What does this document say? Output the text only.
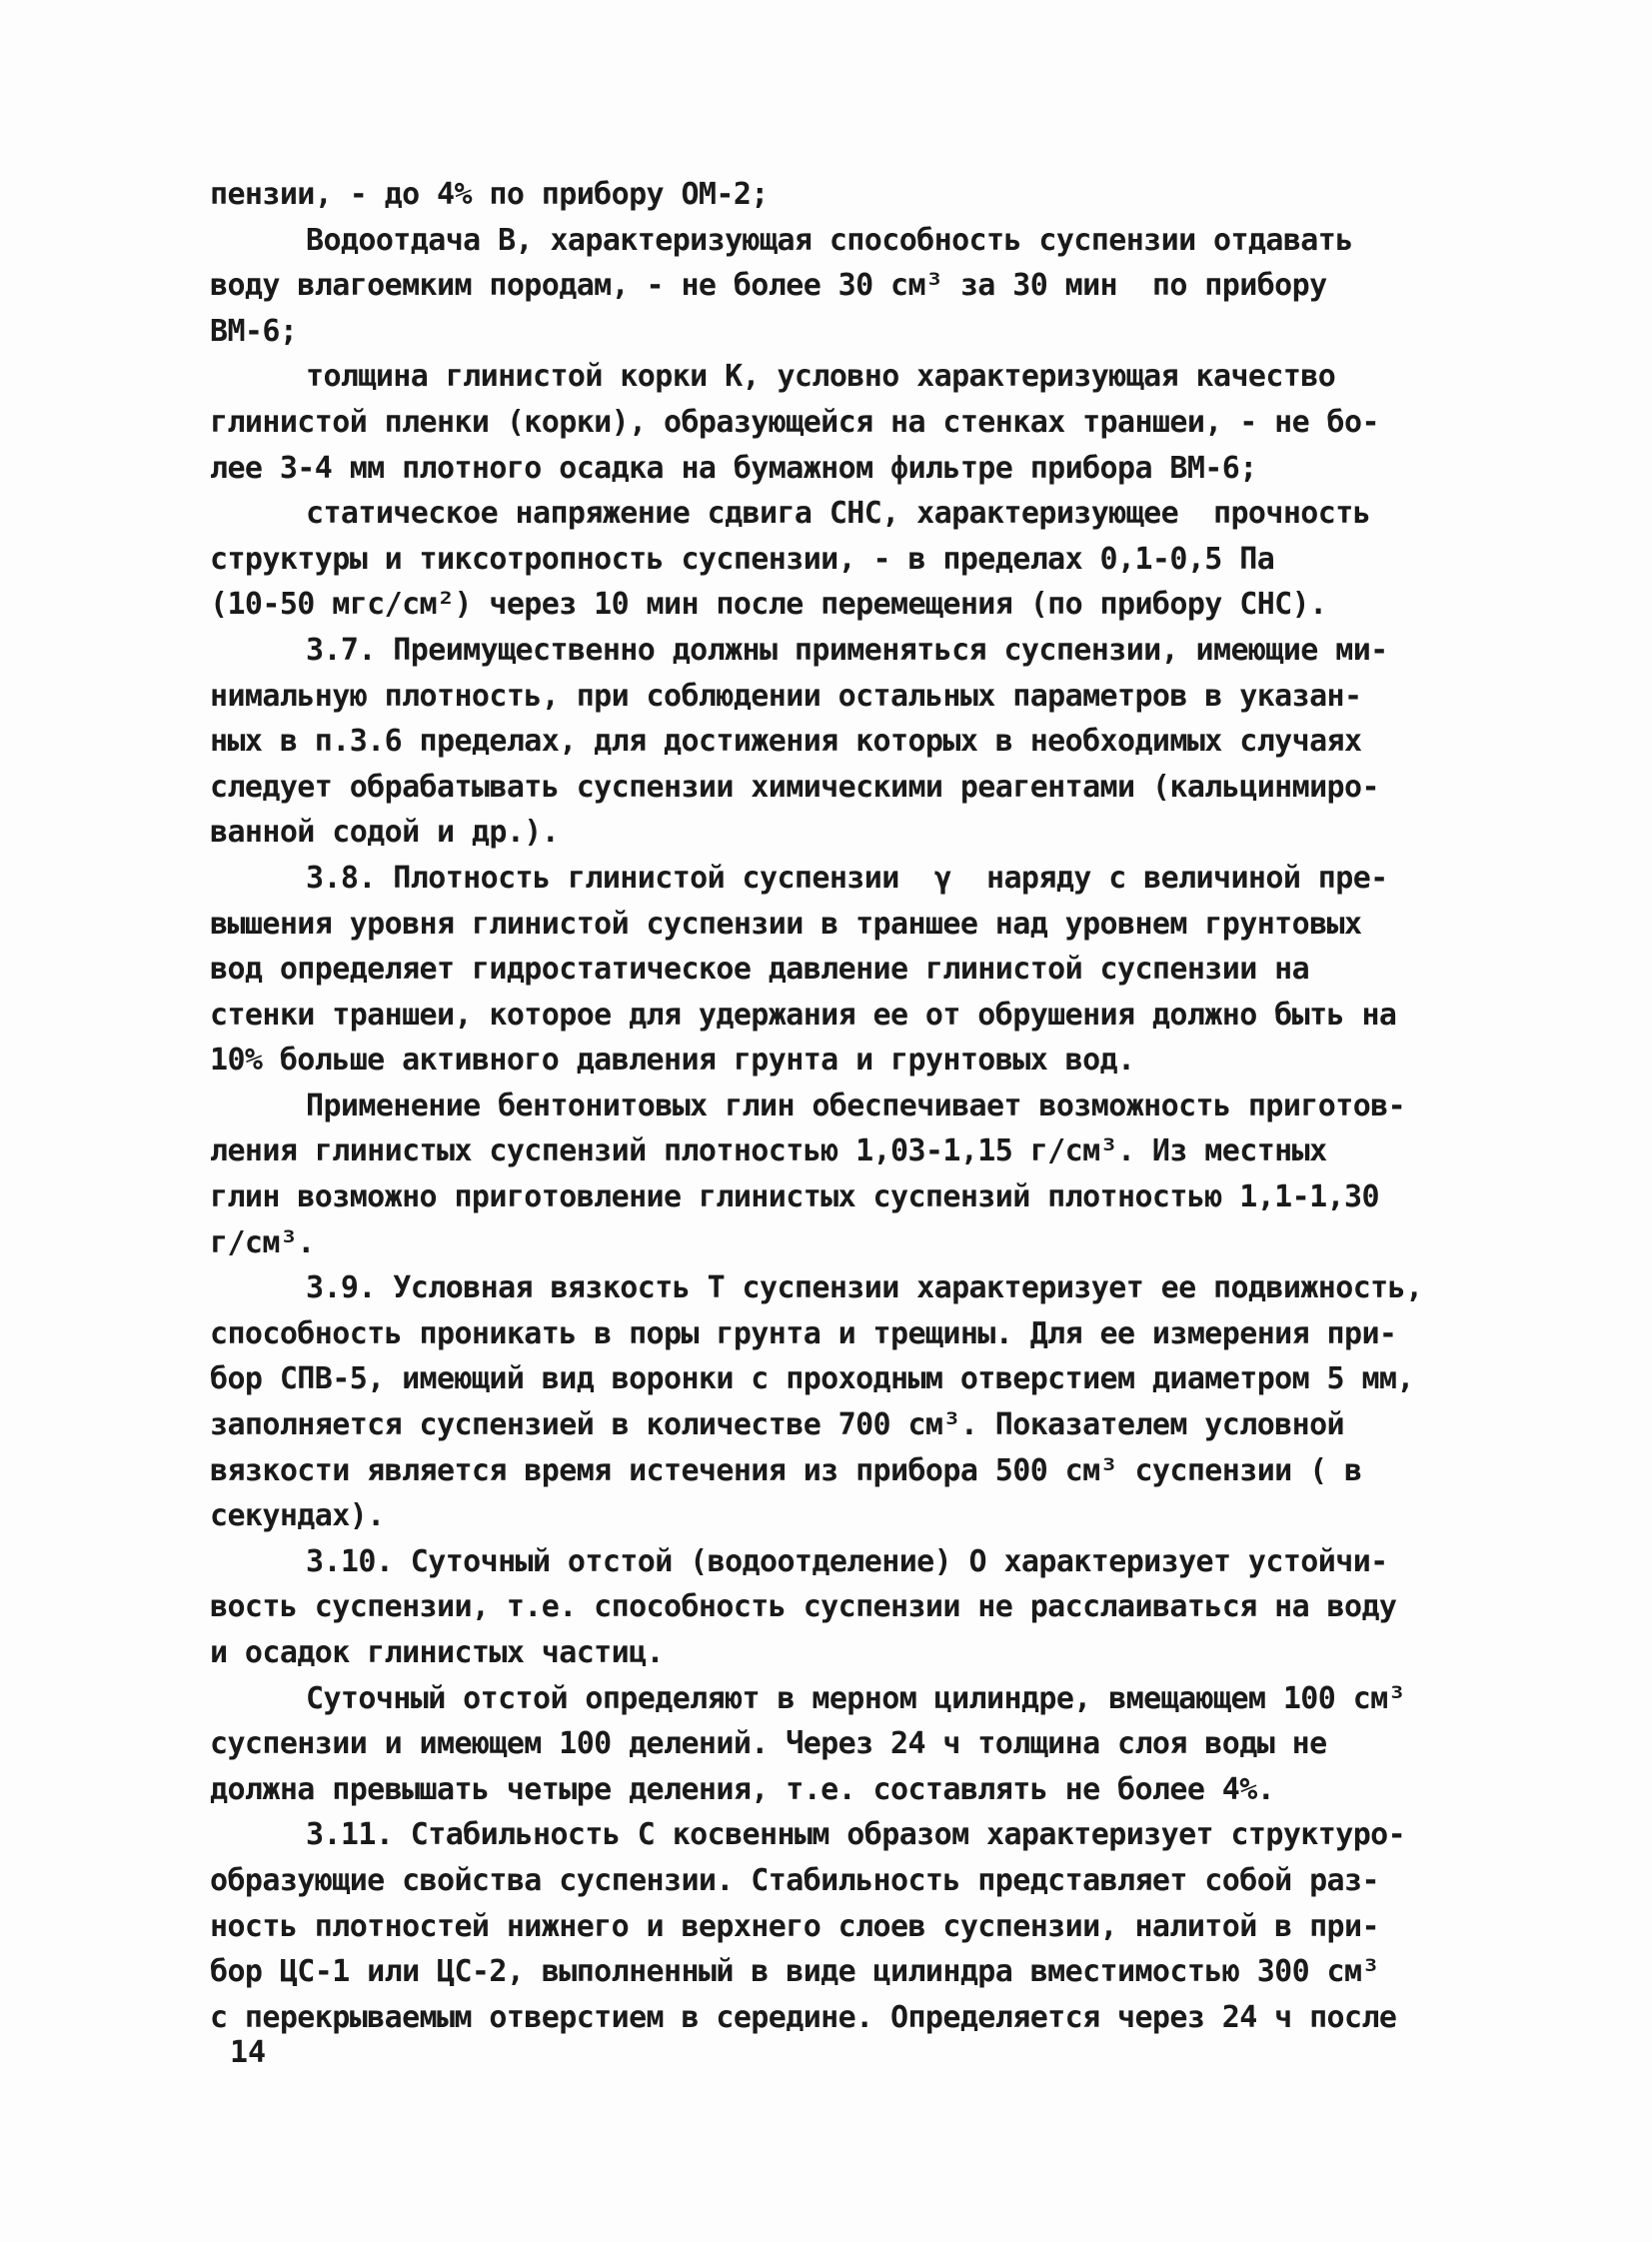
пензии, - до 4% по прибору ОМ-2;
Водоотдача В, характеризующая способность суспензии отдавать
воду влагоемким породам, - не более 30 см³ за 30 мин  по прибору
ВМ-6;
толщина глинистой корки К, условно характеризующая качество
глинистой пленки (корки), образующейся на стенках траншеи, - не бо-
лее 3-4 мм плотного осадка на бумажном фильтре прибора ВМ-6;
статическое напряжение сдвига СНС, характеризующее  прочность
структуры и тиксотропность суспензии, - в пределах 0,1-0,5 Па
(10-50 мгс/см²) через 10 мин после перемещения (по прибору СНС).
3.7. Преимущественно должны применяться суспензии, имеющие ми-
нимальную плотность, при соблюдении остальных параметров в указан-
ных в п.3.6 пределах, для достижения которых в необходимых случаях
следует обрабатывать суспензии химическими реагентами (кальцинмиро-
ванной содой и др.).
3.8. Плотность глинистой суспензии  γ  наряду с величиной пре-
вышения уровня глинистой суспензии в траншее над уровнем грунтовых
вод определяет гидростатическое давление глинистой суспензии на
стенки траншеи, которое для удержания ее от обрушения должно быть на
10% больше активного давления грунта и грунтовых вод.
Применение бентонитовых глин обеспечивает возможность приготов-
ления глинистых суспензий плотностью 1,03-1,15 г/см³. Из местных
глин возможно приготовление глинистых суспензий плотностью 1,1-1,30
г/см³.
3.9. Условная вязкость Т суспензии характеризует ее подвижность,
способность проникать в поры грунта и трещины. Для ее измерения при-
бор СПВ-5, имеющий вид воронки с проходным отверстием диаметром 5 мм,
заполняется суспензией в количестве 700 см³. Показателем условной
вязкости является время истечения из прибора 500 см³ суспензии ( в
секундах).
3.10. Суточный отстой (водоотделение) О характеризует устойчи-
вость суспензии, т.е. способность суспензии не расслаиваться на воду
и осадок глинистых частиц.
Суточный отстой определяют в мерном цилиндре, вмещающем 100 см³
суспензии и имеющем 100 делений. Через 24 ч толщина слоя воды не
должна превышать четыре деления, т.е. составлять не более 4%.
3.11. Стабильность С косвенным образом характеризует структуро-
образующие свойства суспензии. Стабильность представляет собой раз-
ность плотностей нижнего и верхнего слоев суспензии, налитой в при-
бор ЦС-1 или ЦС-2, выполненный в виде цилиндра вместимостью 300 см³
с перекрываемым отверстием в середине. Определяется через 24 ч после
14
